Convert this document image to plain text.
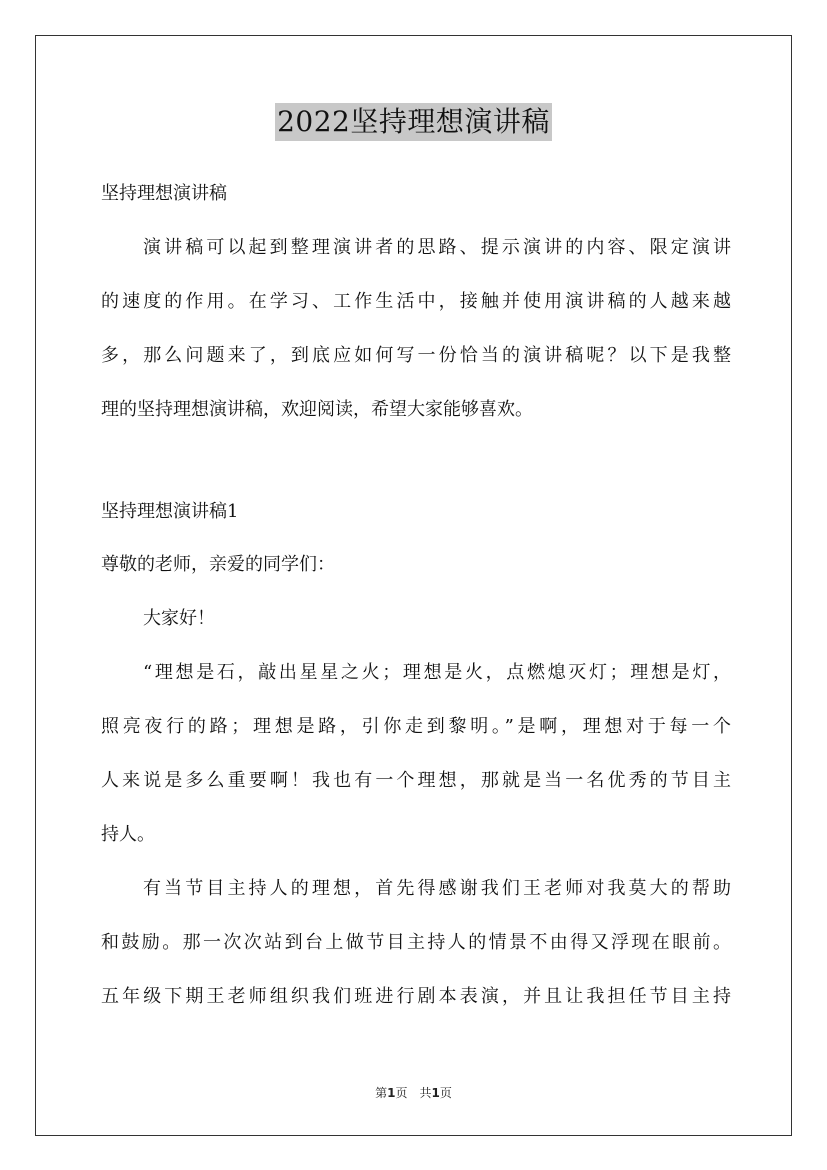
2022坚持理想演讲稿
坚持理想演讲稿
演讲稿可以起到整理演讲者的思路、提示演讲的内容、限定演讲
的速度的作用。在学习、工作生活中，接触并使用演讲稿的人越来越
多，那么问题来了，到底应如何写一份恰当的演讲稿呢？以下是我整
理的坚持理想演讲稿，欢迎阅读，希望大家能够喜欢。
坚持理想演讲稿1
尊敬的老师，亲爱的同学们：
大家好！
“理想是石，敲出星星之火；理想是火，点燃熄灭灯；理想是灯，
照亮夜行的路；理想是路，引你走到黎明。”是啊，理想对于每一个
人来说是多么重要啊！我也有一个理想，那就是当一名优秀的节目主
持人。
有当节目主持人的理想，首先得感谢我们王老师对我莫大的帮助
和鼓励。那一次次站到台上做节目主持人的情景不由得又浮现在眼前。
五年级下期王老师组织我们班进行剧本表演，并且让我担任节目主持
第1页　共1页
